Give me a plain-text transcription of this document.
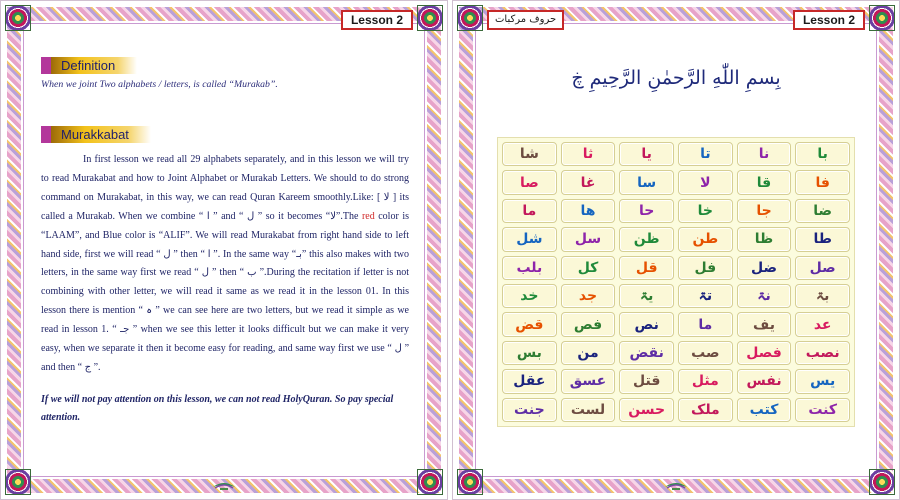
Lesson 2
Definition
When we joint Two alphabets / letters, is called “Murakab”.
Murakkabat
In first lesson we read all 29 alphabets separately, and in this lesson we will try to read Murakabat and how to Joint Alphabet or Murakab Letters. We should to do strong command on Murakabat, in this way, we can read Quran Kareem smoothly.Like: [ لا ] its called a Murakab. When we combine “ ا ” and “ ل ” so it becomes “لا”.The red color is “LAAM”, and Blue color is “ALIF”. We will read Murakabat from right hand side to left hand side, first we will read “ ل ” then “ ا ”. In the same way “بـ” this also makes with two letters, in the same way first we read “ ل ” then “ ب ”.During the recitation if letter is not combining with other letter, we will read it same as we read it in the lesson 01. In this lesson there is mention “ ہ ” we can see here are two letters, but we read it simple as we read in lesson 1. “ جـ ” when we see this letter it looks difficult but we can make it very easy, when we separate it then it become easy for reading, and same way first we use “ ل ” and then “ ج ”.
If we will not pay attention on this lesson, we can not read HolyQuran. So pay special attention.
حروف مرکبات	Lesson 2
بِسمِ اللّٰهِ الرَّحمٰنِ الرَّحِيمِ ڿ
با
نا
تا
يا
ثا
شا
فا
قا
لا
سا
غا
صا
ضا
جا
خا
حا
ها
ما
طا
ظا
طن
ظن
سل
شل
صل
ضل
فل
قل
کل
بلب
بۃ
نۃ
تۃ
یۃ
جد
خد
عد
یف
ما
نص
فص
قض
نصب
فصل
صب
نقض
من
بس
یس
نفس
مثل
قتل
عسق
عقل
کنت
کتب
ملک
حسن
لست
جنت
